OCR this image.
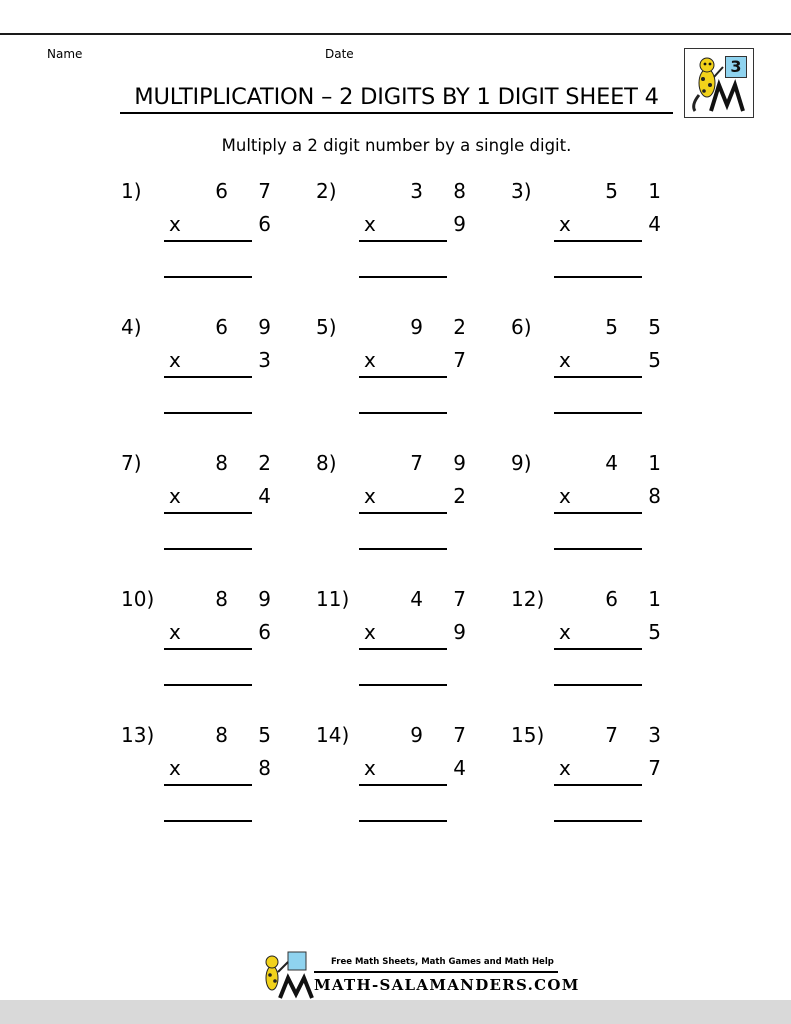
Name	Date
MULTIPLICATION – 2 DIGITS BY 1 DIGIT SHEET 4
3
Multiply a 2 digit number by a single digit.
1)	6 7
x	6
2)	3 8
x	9
3)	5 1
x	4
4)	6 9
x	3
5)	9 2
x	7
6)	5 5
x	5
7)	8 2
x	4
8)	7 9
x	2
9)	4 1
x	8
10)	8 9
x	6
11)	4 7
x	9
12)	6 1
x	5
13)	8 5
x	8
14)	9 7
x	4
15)	7 3
x	7
Free Math Sheets, Math Games and Math Help
MATH-SALAMANDERS.COM
